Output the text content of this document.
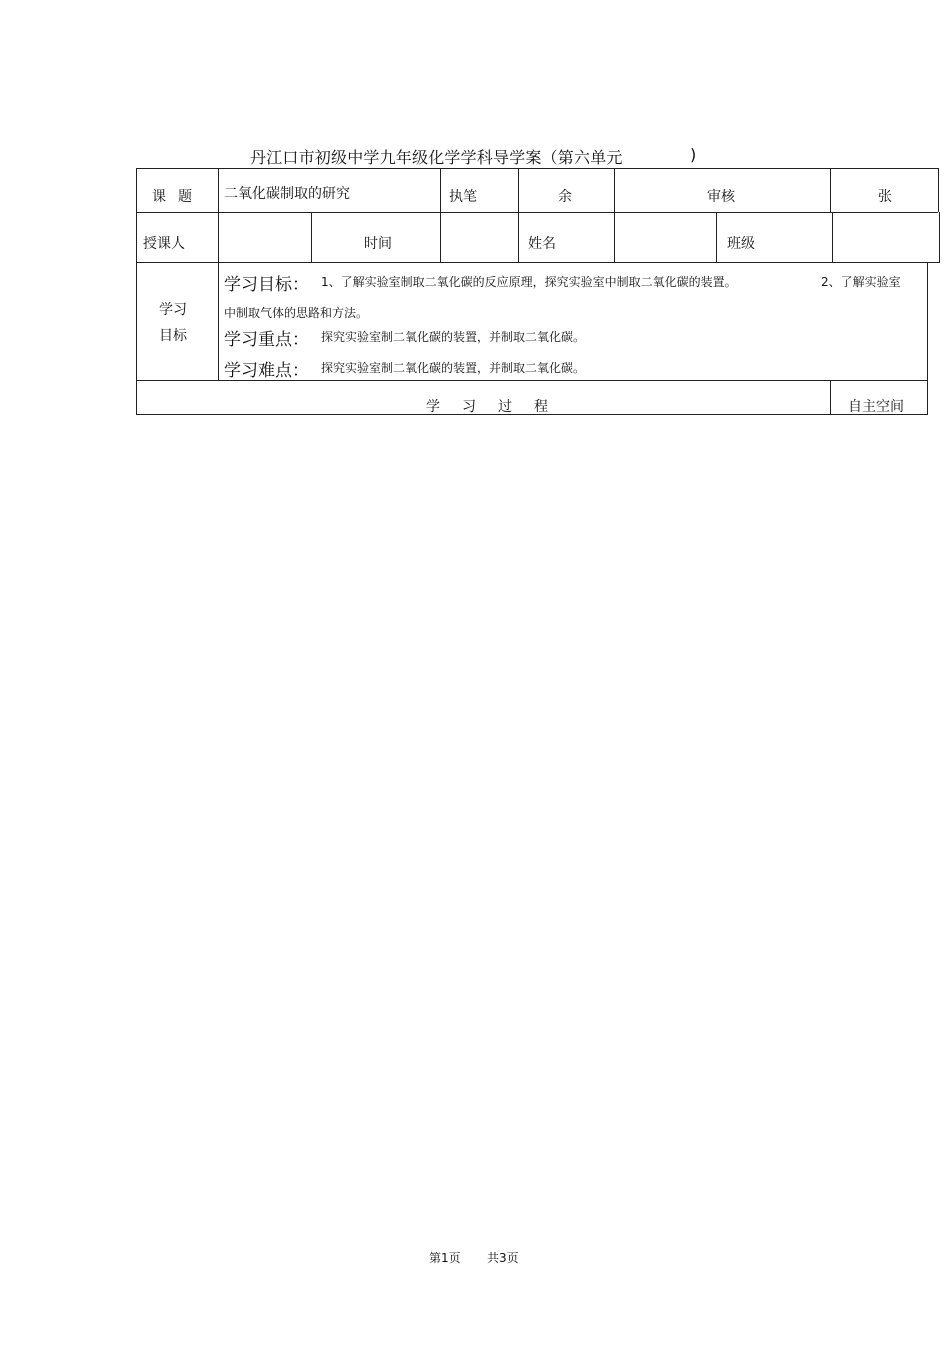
丹江口市初级中学九年级化学学科导学案（第六单元	)
课题 二氧化碳制取的研究	执笔	余	审核	张
授课人	时间	姓名	班级
学习
目标
学习目标： 1、了解实验室制取二氧化碳的反应原理，探究实验室中制取二氧化碳的装置。	2、了解实验室
中制取气体的思路和方法。
学习重点： 探究实验室制二氧化碳的装置，并制取二氧化碳。
学习难点： 探究实验室制二氧化碳的装置，并制取二氧化碳。
学习过程	自主空间
第1页 共3页
